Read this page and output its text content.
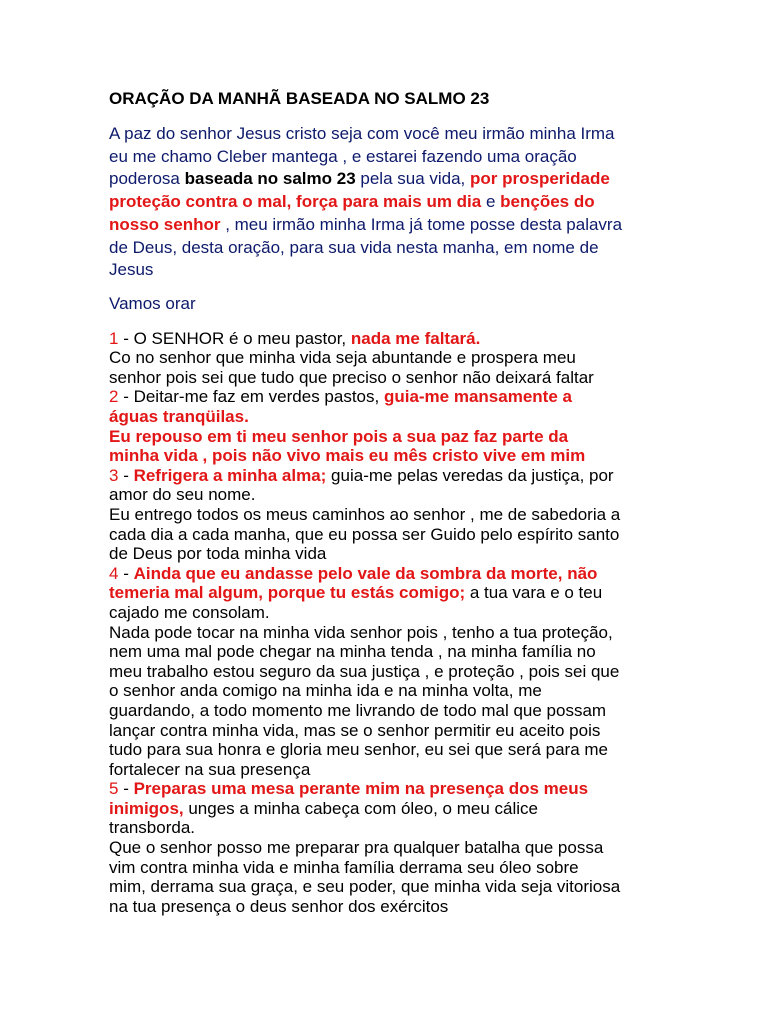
ORAÇÃO DA MANHÃ BASEADA NO SALMO 23
A paz do senhor Jesus cristo seja com você meu irmão minha Irma
eu me chamo Cleber mantega , e estarei fazendo uma oração
poderosa baseada no salmo 23 pela sua vida, por prosperidade
proteção contra o mal, força para mais um dia e benções do
nosso senhor , meu irmão minha Irma já tome posse desta palavra
de Deus, desta oração, para sua vida nesta manha, em nome de
Jesus
Vamos orar
1 - O SENHOR é o meu pastor, nada me faltará.
Co no senhor que minha vida seja abuntande e prospera meu
senhor pois sei que tudo que preciso o senhor não deixará faltar
2 - Deitar-me faz em verdes pastos, guia-me mansamente a
águas tranqüilas.
Eu repouso em ti meu senhor pois a sua paz faz parte da
minha vida , pois não vivo mais eu mês cristo vive em mim
3 - Refrigera a minha alma; guia-me pelas veredas da justiça, por
amor do seu nome.
Eu entrego todos os meus caminhos ao senhor , me de sabedoria a
cada dia a cada manha, que eu possa ser Guido pelo espírito santo
de Deus por toda minha vida
4 - Ainda que eu andasse pelo vale da sombra da morte, não
temeria mal algum, porque tu estás comigo; a tua vara e o teu
cajado me consolam.
Nada pode tocar na minha vida senhor pois , tenho a tua proteção,
nem uma mal pode chegar na minha tenda , na minha família no
meu trabalho estou seguro da sua justiça , e proteção , pois sei que
o senhor anda comigo na minha ida e na minha volta, me
guardando, a todo momento me livrando de todo mal que possam
lançar contra minha vida, mas se o senhor permitir eu aceito pois
tudo para sua honra e gloria meu senhor, eu sei que será para me
fortalecer na sua presença
5 - Preparas uma mesa perante mim na presença dos meus
inimigos, unges a minha cabeça com óleo, o meu cálice
transborda.
Que o senhor posso me preparar pra qualquer batalha que possa
vim contra minha vida e minha família derrama seu óleo sobre
mim, derrama sua graça, e seu poder, que minha vida seja vitoriosa
na tua presença o deus senhor dos exércitos
